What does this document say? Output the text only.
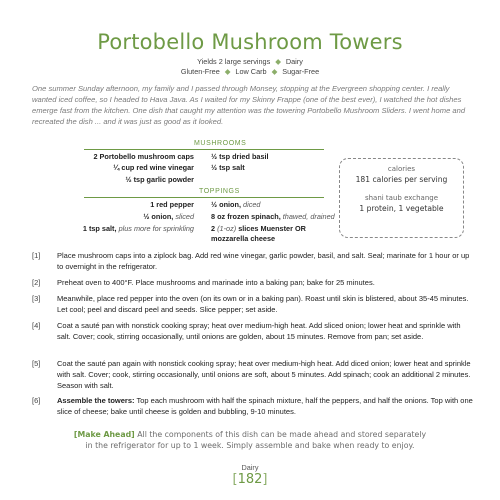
Portobello Mushroom Towers
Yields 2 large servings ◆ Dairy
Gluten-Free ◆ Low Carb ◆ Sugar-Free
One summer Sunday afternoon, my family and I passed through Monsey, stopping at the Evergreen shopping center. I really wanted iced coffee, so I headed to Hava Java. As I waited for my Skinny Frappe (one of the best ever), I watched the hot dishes emerge fast from the kitchen. One dish that caught my attention was the towering Portobello Mushroom Sliders. I went home and recreated the dish ... and it was just as good as it looked.
MUSHROOMS
2 Portobello mushroom caps
¼ cup red wine vinegar
½ tsp garlic powder
½ tsp dried basil
½ tsp salt	calories
181 calories per serving
shani taub exchange
1 protein, 1 vegetable
TOPPINGS
1 red pepper
½ onion, sliced
1 tsp salt, plus more for sprinkling
½ onion, diced
8 oz frozen spinach, thawed, drained
2 (1-oz) slices Muenster OR
mozzarella cheese
[1] Place mushroom caps into a ziplock bag. Add red wine vinegar, garlic powder, basil, and salt. Seal; marinate for 1 hour or up to overnight in the refrigerator.
[2] Preheat oven to 400°F. Place mushrooms and marinade into a baking pan; bake for 25 minutes.
[3] Meanwhile, place red pepper into the oven (on its own or in a baking pan). Roast until skin is blistered, about 35-45 minutes. Let cool; peel and discard peel and seeds. Slice pepper; set aside.
[4] Coat a sauté pan with nonstick cooking spray; heat over medium-high heat. Add sliced onion; lower heat and sprinkle with salt. Cover; cook, stirring occasionally, until onions are golden, about 15 minutes. Remove from pan; set aside.
[5] Coat the sauté pan again with nonstick cooking spray; heat over medium-high heat. Add diced onion; lower heat and sprinkle with salt. Cover; cook, stirring occasionally, until onions are soft, about 5 minutes. Add spinach; cook an additional 2 minutes. Season with salt.
[6] Assemble the towers: Top each mushroom with half the spinach mixture, half the peppers, and half the onions. Top with one slice of cheese; bake until cheese is golden and bubbling, 9-10 minutes.
[Make Ahead] All the components of this dish can be made ahead and stored separately in the refrigerator for up to 1 week. Simply assemble and bake when ready to enjoy.
Dairy
[182]
